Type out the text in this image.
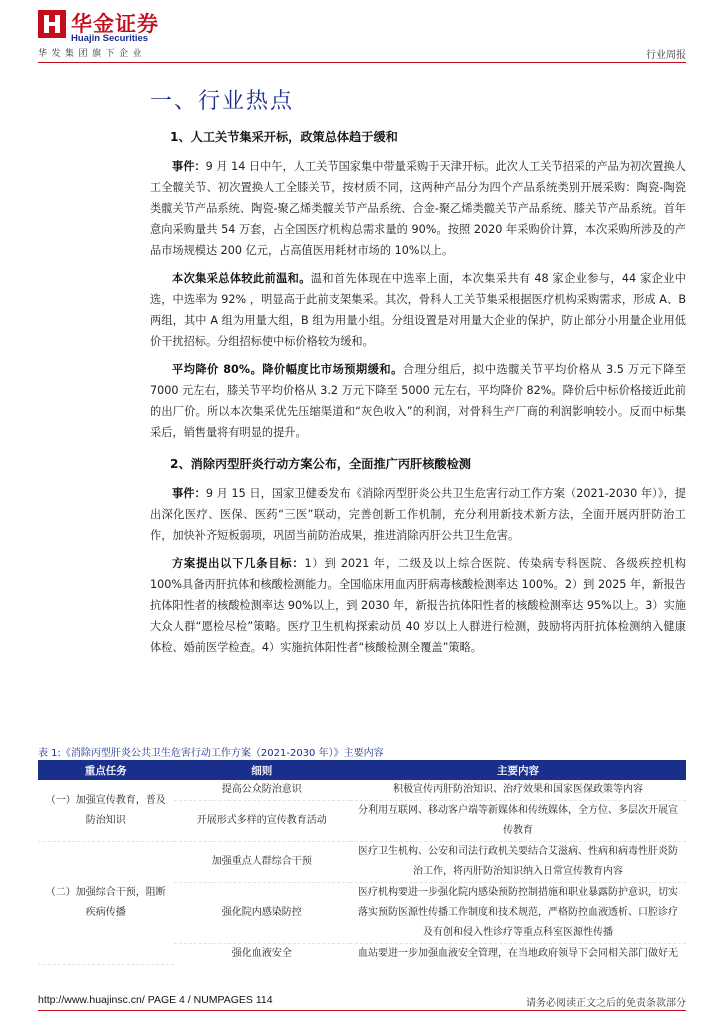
华金证券
Huajin Securities
华发集团旗下企业	行业周报
一、行业热点
1、人工关节集采开标，政策总体趋于缓和

事件：9 月 14 日中午，人工关节国家集中带量采购于天津开标。此次人工关节招采的产品为初次置换人工全髋关节、初次置换人工全膝关节，按材质不同，这两种产品分为四个产品系统类别开展采购：陶瓷-陶瓷类髋关节产品系统、陶瓷-聚乙烯类髋关节产品系统、合金-聚乙烯类髋关节产品系统、膝关节产品系统。首年意向采购量共 54 万套，占全国医疗机构总需求量的 90%。按照 2020 年采购价计算，本次采购所涉及的产品市场规模达 200 亿元，占高值医用耗材市场的 10%以上。

本次集采总体较此前温和。温和首先体现在中选率上面，本次集采共有 48 家企业参与，44 家企业中选，中选率为 92% ，明显高于此前支架集采。其次，骨科人工关节集采根据医疗机构采购需求，形成 A、B 两组，其中 A 组为用量大组，B 组为用量小组。分组设置是对用量大企业的保护，防止部分小用量企业用低价干扰招标。分组招标使中标价格较为缓和。

平均降价 80%。降价幅度比市场预期缓和。合理分组后，拟中选髋关节平均价格从 3.5 万元下降至 7000 元左右，膝关节平均价格从 3.2 万元下降至 5000 元左右，平均降价 82%。降价后中标价格接近此前的出厂价。所以本次集采优先压缩渠道和“灰色收入”的利润，对骨科生产厂商的利润影响较小。反而中标集采后，销售量将有明显的提升。

2、消除丙型肝炎行动方案公布，全面推广丙肝核酸检测

事件：9 月 15 日，国家卫健委发布《消除丙型肝炎公共卫生危害行动工作方案（2021-2030 年）》，提出深化医疗、医保、医药“三医”联动，完善创新工作机制，充分利用新技术新方法，全面开展丙肝防治工作，加快补齐短板弱项，巩固当前防治成果，推进消除丙肝公共卫生危害。

方案提出以下几条目标：1）到 2021 年，二级及以上综合医院、传染病专科医院、各级疾控机构 100%具备丙肝抗体和核酸检测能力。全国临床用血丙肝病毒核酸检测率达 100%。2）到 2025 年，新报告抗体阳性者的核酸检测率达 90%以上，到 2030 年，新报告抗体阳性者的核酸检测率达 95%以上。3）实施大众人群“愿检尽检”策略。医疗卫生机构探索动员 40 岁以上人群进行检测，鼓励将丙肝抗体检测纳入健康体检、婚前医学检查。4）实施抗体阳性者“核酸检测全覆盖”策略。

表 1:《消除丙型肝炎公共卫生危害行动工作方案（2021-2030 年）》主要内容
重点任务	细则	主要内容
（一）加强宣传教育，普及防治知识	提高公众防治意识	积极宣传丙肝防治知识、治疗效果和国家医保政策等内容
	开展形式多样的宣传教育活动	分利用互联网、移动客户端等新媒体和传统媒体，全方位、多层次开展宣传教育
（二）加强综合干预，阻断疾病传播	加强重点人群综合干预	医疗卫生机构、公安和司法行政机关要结合艾滋病、性病和病毒性肝炎防治工作，将丙肝防治知识纳入日常宣传教育内容
	强化院内感染防控	医疗机构要进一步强化院内感染预防控制措施和职业暴露防护意识，切实落实预防医源性传播工作制度和技术规范，严格防控血液透析、口腔诊疗及有创和侵入性诊疗等重点科室医源性传播
	强化血液安全	血站要进一步加强血液安全管理，在当地政府领导下会同相关部门做好无
http://www.huajinsc.cn/ PAGE 4 / NUMPAGES 114	请务必阅读正文之后的免责条款部分
